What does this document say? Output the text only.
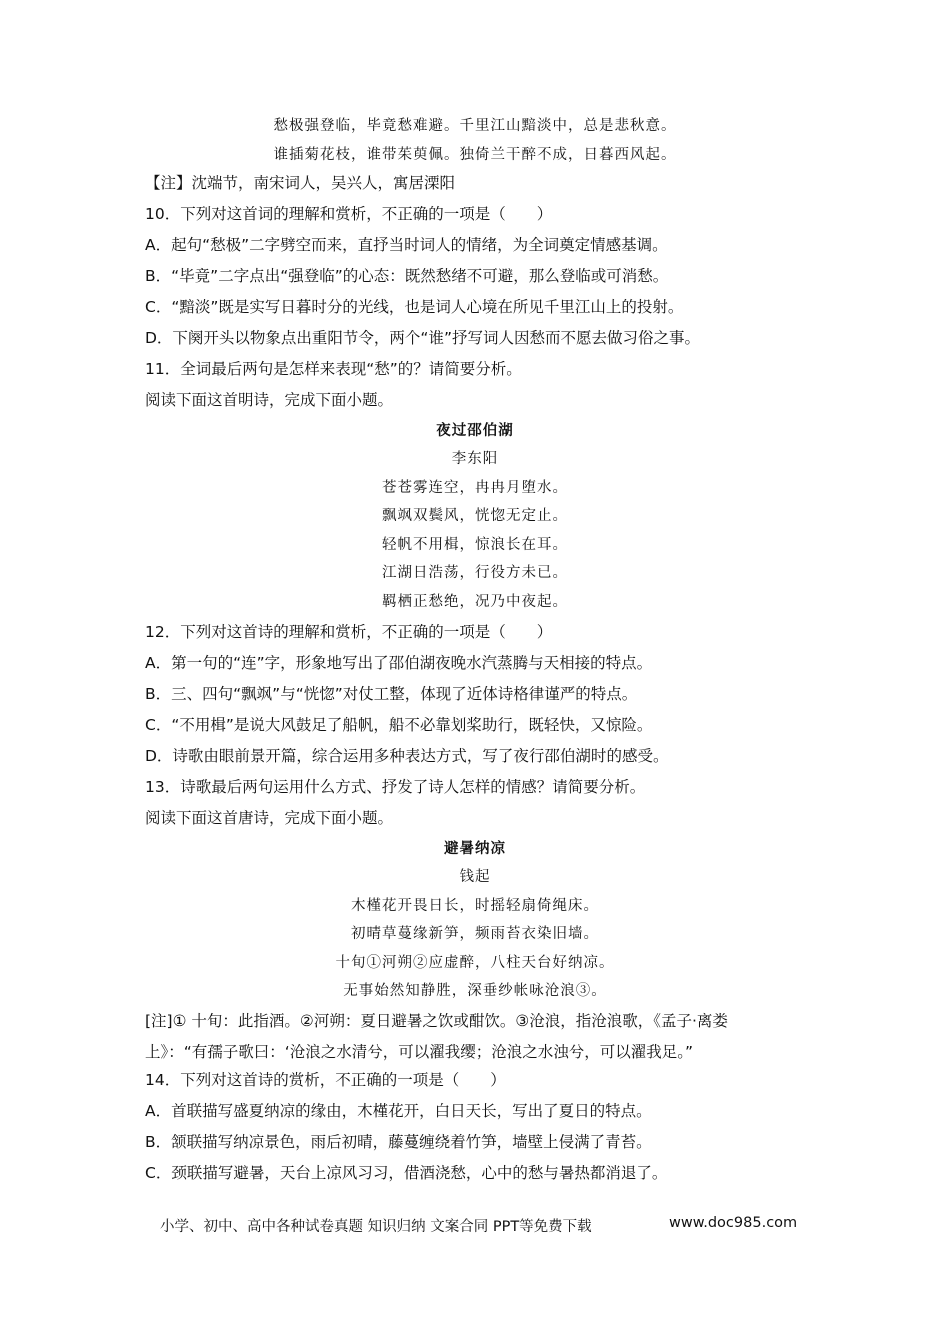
愁极强登临，毕竟愁难避。千里江山黯淡中，总是悲秋意。
谁插菊花枝，谁带茱萸佩。独倚兰干醉不成，日暮西风起。
【注】沈端节，南宋词人，吴兴人，寓居溧阳
10．下列对这首词的理解和赏析，不正确的一项是（　　）
A．起句“愁极”二字劈空而来，直抒当时词人的情绪，为全词奠定情感基调。
B．“毕竟”二字点出“强登临”的心态：既然愁绪不可避，那么登临或可消愁。
C．“黯淡”既是实写日暮时分的光线，也是词人心境在所见千里江山上的投射。
D．下阕开头以物象点出重阳节令，两个“谁”抒写词人因愁而不愿去做习俗之事。
11．全词最后两句是怎样来表现“愁”的？请简要分析。
阅读下面这首明诗，完成下面小题。
夜过邵伯湖
李东阳
苍苍雾连空，冉冉月堕水。
飘飒双鬓风，恍惚无定止。
轻帆不用楫，惊浪长在耳。
江湖日浩荡，行役方未已。
羁栖正愁绝，况乃中夜起。
12．下列对这首诗的理解和赏析，不正确的一项是（　　）
A．第一句的“连”字，形象地写出了邵伯湖夜晚水汽蒸腾与天相接的特点。
B．三、四句“飘飒”与“恍惚”对仗工整，体现了近体诗格律谨严的特点。
C．“不用楫”是说大风鼓足了船帆，船不必靠划桨助行，既轻快，又惊险。
D．诗歌由眼前景开篇，综合运用多种表达方式，写了夜行邵伯湖时的感受。
13．诗歌最后两句运用什么方式、抒发了诗人怎样的情感？请简要分析。
阅读下面这首唐诗，完成下面小题。
避暑纳凉
钱起
木槿花开畏日长，时摇轻扇倚绳床。
初晴草蔓缘新笋，频雨苔衣染旧墙。
十旬①河朔②应虚醉，八柱天台好纳凉。
无事始然知静胜，深垂纱帐咏沧浪③。
[注]① 十旬：此指酒。②河朔：夏日避暑之饮或酣饮。③沧浪，指沧浪歌，《孟子·离娄
上》：“有孺子歌曰：‘沧浪之水清兮，可以濯我缨；沧浪之水浊兮，可以濯我足。”
14．下列对这首诗的赏析，不正确的一项是（　　）
A．首联描写盛夏纳凉的缘由，木槿花开，白日天长，写出了夏日的特点。
B．颔联描写纳凉景色，雨后初晴，藤蔓缠绕着竹笋，墙壁上侵满了青苔。
C．颈联描写避暑，天台上凉风习习，借酒浇愁，心中的愁与暑热都消退了。
小学、初中、高中各种试卷真题 知识归纳 文案合同 PPT等免费下载	www.doc985.com
